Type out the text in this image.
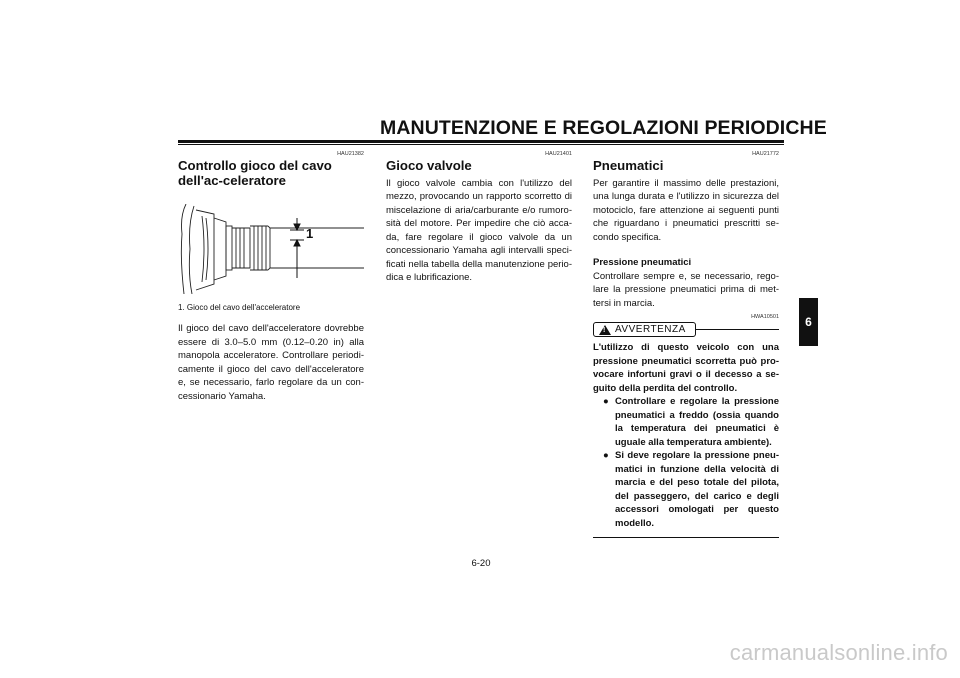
MANUTENZIONE E REGOLAZIONI PERIODICHE
HAU21382
Controllo gioco del cavo dell'ac-celeratore
1
1. Gioco del cavo dell'acceleratore

Il gioco del cavo dell'acceleratore dovrebbe essere di 3.0–5.0 mm (0.12–0.20 in) alla manopola acceleratore. Controllare periodi-camente il gioco del cavo dell'acceleratore e, se necessario, farlo regolare da un con-cessionario Yamaha.

HAU21401
Gioco valvole

Il gioco valvole cambia con l'utilizzo del mezzo, provocando un rapporto scorretto di miscelazione di aria/carburante e/o rumoro-sità del motore. Per impedire che ciò acca-da, fare regolare il gioco valvole da un concessionario Yamaha agli intervalli speci-ficati nella tabella della manutenzione perio-dica e lubrificazione.

HAU21772
Pneumatici

Per garantire il massimo delle prestazioni, una lunga durata e l'utilizzo in sicurezza del motociclo, fare attenzione ai seguenti punti che riguardano i pneumatici prescritti se-condo specifica.

Pressione pneumatici

Controllare sempre e, se necessario, rego-lare la pressione pneumatici prima di met-tersi in marcia.

HWA10501
! AVVERTENZA

L'utilizzo di questo veicolo con una pressione pneumatici scorretta può pro-vocare infortuni gravi o il decesso a se-guito della perdita del controllo.

● Controllare e regolare la pressione pneumatici a freddo (ossia quando la temperatura dei pneumatici è uguale alla temperatura ambiente).
● Si deve regolare la pressione pneu-matici in funzione della velocità di marcia e del peso totale del pilota, del passeggero, del carico e degli accessori omologati per questo modello.
6
6-20
carmanualsonline.info
